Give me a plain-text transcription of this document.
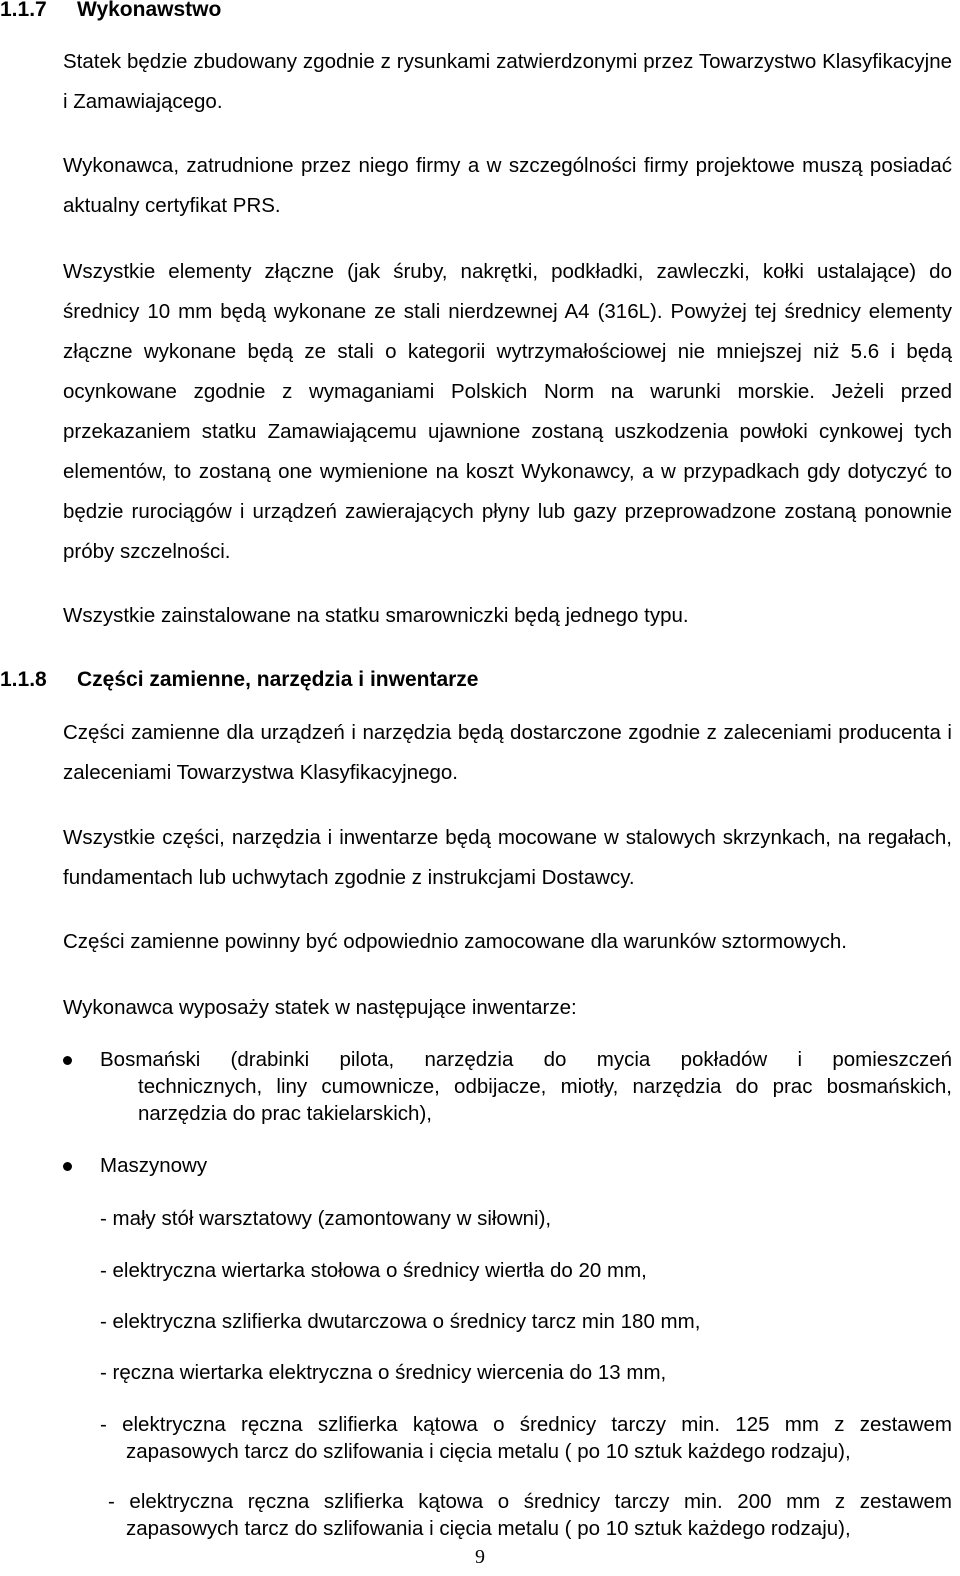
1.1.7 Wykonawstwo

Statek będzie zbudowany zgodnie z rysunkami zatwierdzonymi przez Towarzystwo Klasyfikacyjne i Zamawiającego.

Wykonawca, zatrudnione przez niego firmy a w szczególności firmy projektowe muszą posiadać aktualny certyfikat PRS.

Wszystkie elementy złączne (jak śruby, nakrętki, podkładki, zawleczki, kołki ustalające) do średnicy 10 mm będą wykonane ze stali nierdzewnej A4 (316L). Powyżej tej średnicy elementy złączne wykonane będą ze stali o kategorii wytrzymałościowej nie mniejszej niż 5.6 i będą ocynkowane zgodnie z wymaganiami Polskich Norm na warunki morskie. Jeżeli przed przekazaniem statku Zamawiającemu ujawnione zostaną uszkodzenia powłoki cynkowej tych elementów, to zostaną one wymienione na koszt Wykonawcy, a w przypadkach gdy dotyczyć to będzie rurociągów i urządzeń zawierających płyny lub gazy przeprowadzone zostaną ponownie próby szczelności.

Wszystkie zainstalowane na statku smarowniczki będą jednego typu.

1.1.8 Części zamienne, narzędzia i inwentarze

Części zamienne dla urządzeń i narzędzia będą dostarczone zgodnie z zaleceniami producenta i zaleceniami Towarzystwa Klasyfikacyjnego.

Wszystkie części, narzędzia i inwentarze będą mocowane w stalowych skrzynkach, na regałach, fundamentach lub uchwytach zgodnie z instrukcjami Dostawcy.

Części zamienne powinny być odpowiednio zamocowane dla warunków sztormowych.

Wykonawca wyposaży statek w następujące inwentarze:

Bosmański (drabinki pilota, narzędzia do mycia pokładów i pomieszczeń
technicznych, liny cumownicze, odbijacze, miotły, narzędzia do prac bosmańskich, narzędzia do prac takielarskich),
Maszynowy

- mały stół warsztatowy (zamontowany w siłowni),

- elektryczna wiertarka stołowa o średnicy wiertła do 20 mm,

- elektryczna szlifierka dwutarczowa o średnicy tarcz min 180 mm,

- ręczna wiertarka elektryczna o średnicy wiercenia do 13 mm,

- elektryczna ręczna szlifierka kątowa o średnicy tarczy min. 125 mm z zestawem
zapasowych tarcz do szlifowania i cięcia metalu ( po 10 sztuk każdego rodzaju),
- elektryczna ręczna szlifierka kątowa o średnicy tarczy min. 200 mm z zestawem
zapasowych tarcz do szlifowania i cięcia metalu ( po 10 sztuk każdego rodzaju),
9
